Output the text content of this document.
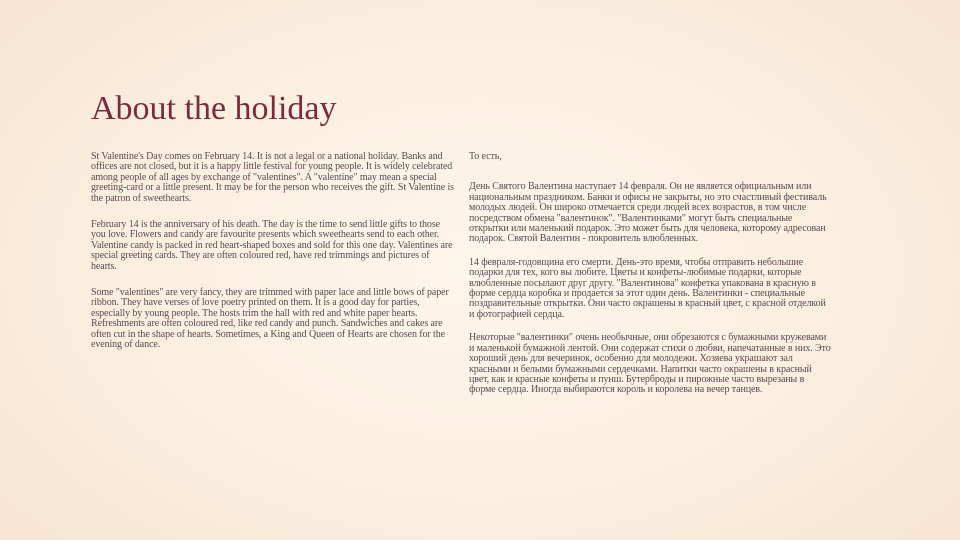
About the holiday

St Valentine's Day comes on February 14. It is not a legal or a national holiday. Banks and offices are not closed, but it is a happy little festival for young people. It is widely celebrated among people of all ages by exchange of "valentines". A "valentine" may mean a special greeting-card or a little present. It may be for the person who receives the gift. St Valentine is the patron of sweethearts.

February 14 is the anniversary of his death. The day is the time to send little gifts to those you love. Flowers and candy are favourite presents which sweethearts send to each other. Valentine candy is packed in red heart-shaped boxes and sold for this one day. Valentines are special greeting cards. They are often coloured red, have red trimmings and pictures of hearts.

Some "valentines" are very fancy, they are trimmed with paper lace and little bows of paper ribbon. They have verses of love poetry printed on them. It is a good day for parties, especially by young people. The hosts trim the hall with red and white paper hearts. Refreshments are often coloured red, like red candy and punch. Sandwiches and cakes are often cut in the shape of hearts. Sometimes, a King and Queen of Hearts are chosen for the evening of dance.

То есть,

День Святого Валентина наступает 14 февраля. Он не является официальным или национальным праздником. Банки и офисы не закрыты, но это счастливый фестиваль молодых людей. Он широко отмечается среди людей всех возрастов, в том числе посредством обмена "валентинок". "Валентинками" могут быть специальные открытки или маленький подарок. Это может быть для человека, которому адресован подарок. Святой Валентин - покровитель влюбленных.

14 февраля-годовщина его смерти. День-это время, чтобы отправить небольшие подарки для тех, кого вы любите. Цветы и конфеты-любимые подарки, которые влюбленные посылают друг другу. "Валентинова" конфетка упакована в красную в форме сердца коробка и продается за этот один день. Валентинки - специальные поздравительные открытки. Они часто окрашены в красный цвет, с красной отделкой и фотографией сердца.

Некоторые "валентинки" очень необычные, они обрезаются с бумажными кружевами и маленькой бумажной лентой. Они содержат стихи о любви, напечатанные в них. Это хороший день для вечеринок, особенно для молодежи. Хозяева украшают зал красными и белыми бумажными сердечками. Напитки часто окрашены в красный цвет, как и красные конфеты и пунш. Бутерброды и пирожные часто вырезаны в форме сердца. Иногда выбираются король и королева на вечер танцев.
